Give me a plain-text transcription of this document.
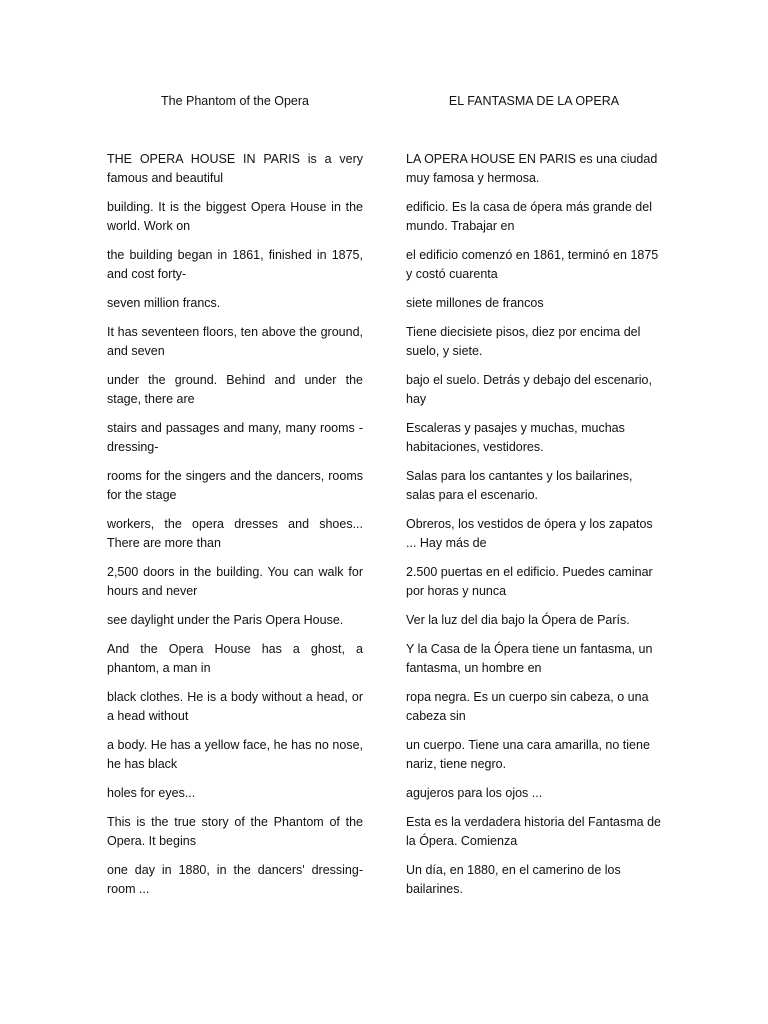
The Phantom of the Opera	EL FANTASMA DE LA OPERA

THE OPERA HOUSE IN PARIS is a very famous and beautiful

building. It is the biggest Opera House in the world. Work on

the building began in 1861, finished in 1875, and cost forty-

seven million francs.

It has seventeen floors, ten above the ground, and seven

under the ground. Behind and under the stage, there are

stairs and passages and many, many rooms - dressing-

rooms for the singers and the dancers, rooms for the stage

workers, the opera dresses and shoes... There are more than

2,500 doors in the building. You can walk for hours and never

see daylight under the Paris Opera House.

And the Opera House has a ghost, a phantom, a man in

black clothes. He is a body without a head, or a head without

a body. He has a yellow face, he has no nose, he has black

holes for eyes...

This is the true story of the Phantom of the Opera. It begins

one day in 1880, in the dancers' dressing-room ...

LA OPERA HOUSE EN PARIS es una ciudad muy famosa y hermosa.

edificio. Es la casa de ópera más grande del mundo. Trabajar en

el edificio comenzó en 1861, terminó en 1875 y costó cuarenta

siete millones de francos

Tiene diecisiete pisos, diez por encima del suelo, y siete.

bajo el suelo. Detrás y debajo del escenario, hay

Escaleras y pasajes y muchas, muchas habitaciones, vestidores.

Salas para los cantantes y los bailarines, salas para el escenario.

Obreros, los vestidos de ópera y los zapatos ... Hay más de

2.500 puertas en el edificio. Puedes caminar por horas y nunca

Ver la luz del dia bajo la Ópera de París.

Y la Casa de la Ópera tiene un fantasma, un fantasma, un hombre en

ropa negra. Es un cuerpo sin cabeza, o una cabeza sin

un cuerpo. Tiene una cara amarilla, no tiene nariz, tiene negro.

agujeros para los ojos ...

Esta es la verdadera historia del Fantasma de la Ópera. Comienza

Un día, en 1880, en el camerino de los bailarines.
